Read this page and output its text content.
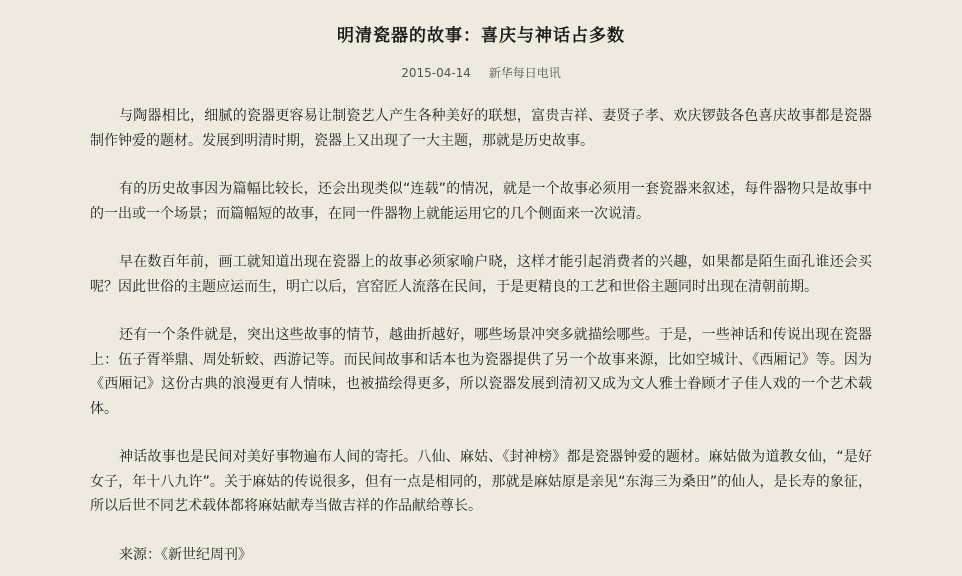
明清瓷器的故事：喜庆与神话占多数
2015-04-14 新华每日电讯

与陶器相比，细腻的瓷器更容易让制瓷艺人产生各种美好的联想，富贵吉祥、妻贤子孝、欢庆锣鼓各色喜庆故事都是瓷器制作钟爱的题材。发展到明清时期，瓷器上又出现了一大主题，那就是历史故事。

有的历史故事因为篇幅比较长，还会出现类似“连载”的情况，就是一个故事必须用一套瓷器来叙述，每件器物只是故事中的一出或一个场景；而篇幅短的故事，在同一件器物上就能运用它的几个侧面来一次说清。

早在数百年前，画工就知道出现在瓷器上的故事必须家喻户晓，这样才能引起消费者的兴趣，如果都是陌生面孔谁还会买呢？因此世俗的主题应运而生，明亡以后，宫窑匠人流落在民间，于是更精良的工艺和世俗主题同时出现在清朝前期。

还有一个条件就是，突出这些故事的情节，越曲折越好，哪些场景冲突多就描绘哪些。于是，一些神话和传说出现在瓷器上：伍子胥举鼎、周处斩蛟、西游记等。而民间故事和话本也为瓷器提供了另一个故事来源，比如空城计、《西厢记》等。因为《西厢记》这份古典的浪漫更有人情味，也被描绘得更多，所以瓷器发展到清初又成为文人雅士眷顾才子佳人戏的一个艺术载体。

神话故事也是民间对美好事物遍布人间的寄托。八仙、麻姑、《封神榜》都是瓷器钟爱的题材。麻姑做为道教女仙，“是好女子，年十八九许”。关于麻姑的传说很多，但有一点是相同的，那就是麻姑原是亲见“东海三为桑田”的仙人，是长寿的象征，所以后世不同艺术载体都将麻姑献寿当做吉祥的作品献给尊长。

来源：《新世纪周刊》
